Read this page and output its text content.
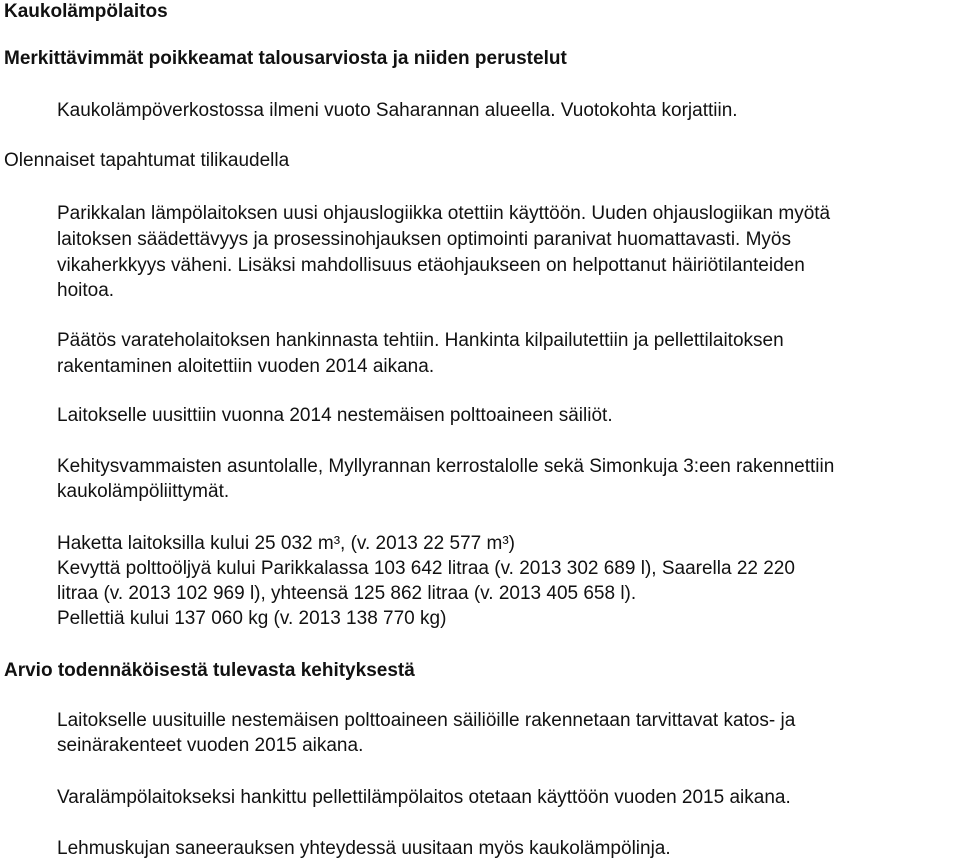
Kaukolämpölaitos
Merkittävimmät poikkeamat talousarviosta ja niiden perustelut
Kaukolämpöverkostossa ilmeni vuoto Saharannan alueella. Vuotokohta korjattiin.
Olennaiset tapahtumat tilikaudella
Parikkalan lämpölaitoksen uusi ohjauslogiikka otettiin käyttöön. Uuden ohjauslogiikan myötä
laitoksen säädettävyys ja prosessinohjauksen optimointi paranivat huomattavasti. Myös
vikaherkkyys väheni. Lisäksi mahdollisuus etäohjaukseen on helpottanut häiriötilanteiden
hoitoa.
Päätös varateholaitoksen hankinnasta tehtiin. Hankinta kilpailutettiin ja pellettilaitoksen
rakentaminen aloitettiin vuoden 2014 aikana.
Laitokselle uusittiin vuonna 2014 nestemäisen polttoaineen säiliöt.
Kehitysvammaisten asuntolalle, Myllyrannan kerrostalolle sekä Simonkuja 3:een rakennettiin
kaukolämpöliittymät.
Haketta laitoksilla kului 25 032 m³, (v. 2013 22 577 m³)
Kevyttä polttoöljyä kului Parikkalassa 103 642 litraa (v. 2013 302 689 l), Saarella 22 220
litraa (v. 2013 102 969 l), yhteensä 125 862 litraa (v. 2013 405 658 l).
Pellettiä kului 137 060 kg (v. 2013 138 770 kg)
Arvio todennäköisestä tulevasta kehityksestä
Laitokselle uusituille nestemäisen polttoaineen säiliöille rakennetaan tarvittavat katos- ja
seinärakenteet vuoden 2015 aikana.
Varalämpölaitokseksi hankittu pellettilämpölaitos otetaan käyttöön vuoden 2015 aikana.
Lehmuskujan saneerauksen yhteydessä uusitaan myös kaukolämpölinja.
